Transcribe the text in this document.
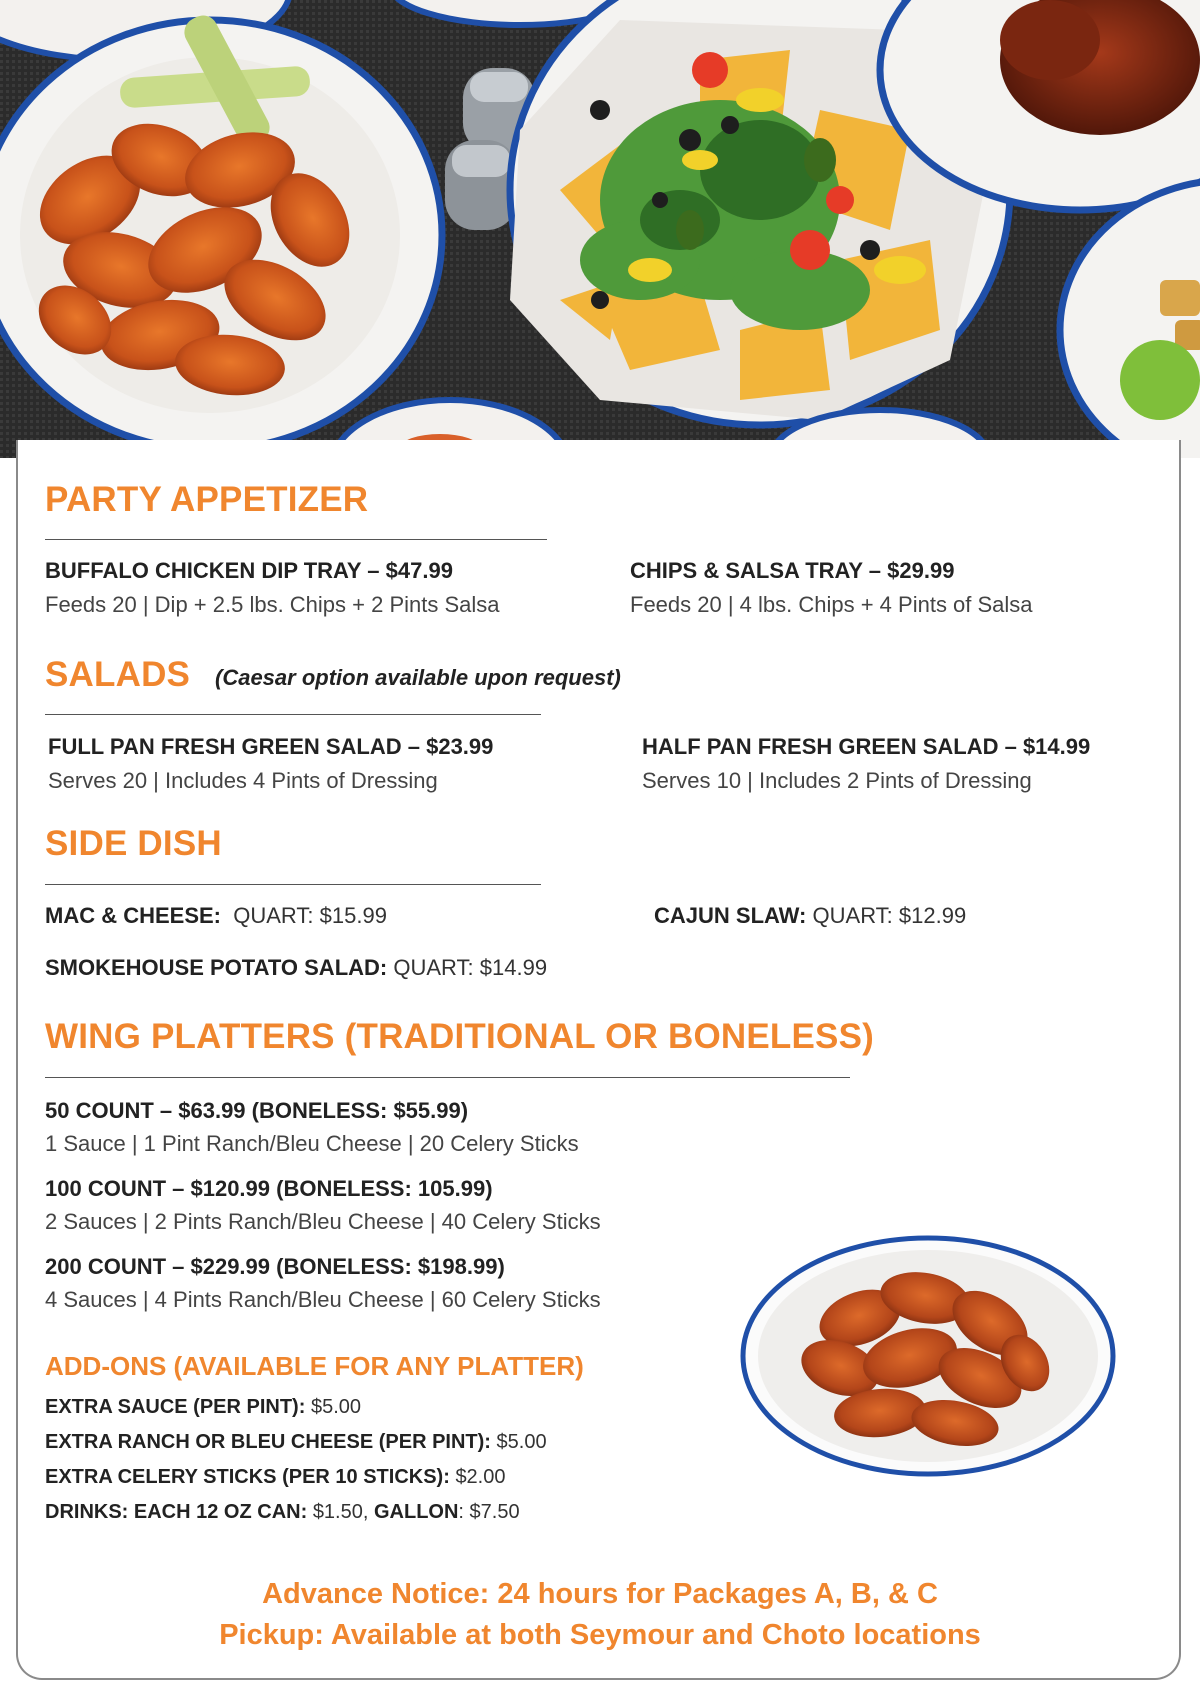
PARTY APPETIZER
BUFFALO CHICKEN DIP TRAY – $47.99
Feeds 20 | Dip + 2.5 lbs. Chips + 2 Pints Salsa
CHIPS & SALSA TRAY – $29.99
Feeds 20 | 4 lbs. Chips + 4 Pints of Salsa
SALADS (Caesar option available upon request)
FULL PAN FRESH GREEN SALAD – $23.99
Serves 20 | Includes 4 Pints of Dressing
HALF PAN FRESH GREEN SALAD – $14.99
Serves 10 | Includes 2 Pints of Dressing
SIDE DISH
MAC & CHEESE: QUART: $15.99	CAJUN SLAW: QUART: $12.99
SMOKEHOUSE POTATO SALAD: QUART: $14.99
WING PLATTERS (TRADITIONAL OR BONELESS)
50 COUNT – $63.99 (BONELESS: $55.99)
1 Sauce | 1 Pint Ranch/Bleu Cheese | 20 Celery Sticks
100 COUNT – $120.99 (BONELESS: 105.99)
2 Sauces | 2 Pints Ranch/Bleu Cheese | 40 Celery Sticks
200 COUNT – $229.99 (BONELESS: $198.99)
4 Sauces | 4 Pints Ranch/Bleu Cheese | 60 Celery Sticks
ADD-ONS (AVAILABLE FOR ANY PLATTER)
EXTRA SAUCE (PER PINT): $5.00
EXTRA RANCH OR BLEU CHEESE (PER PINT): $5.00
EXTRA CELERY STICKS (PER 10 STICKS): $2.00
DRINKS: EACH 12 OZ CAN: $1.50, GALLON: $7.50
Advance Notice: 24 hours for Packages A, B, & C
Pickup: Available at both Seymour and Choto locations
